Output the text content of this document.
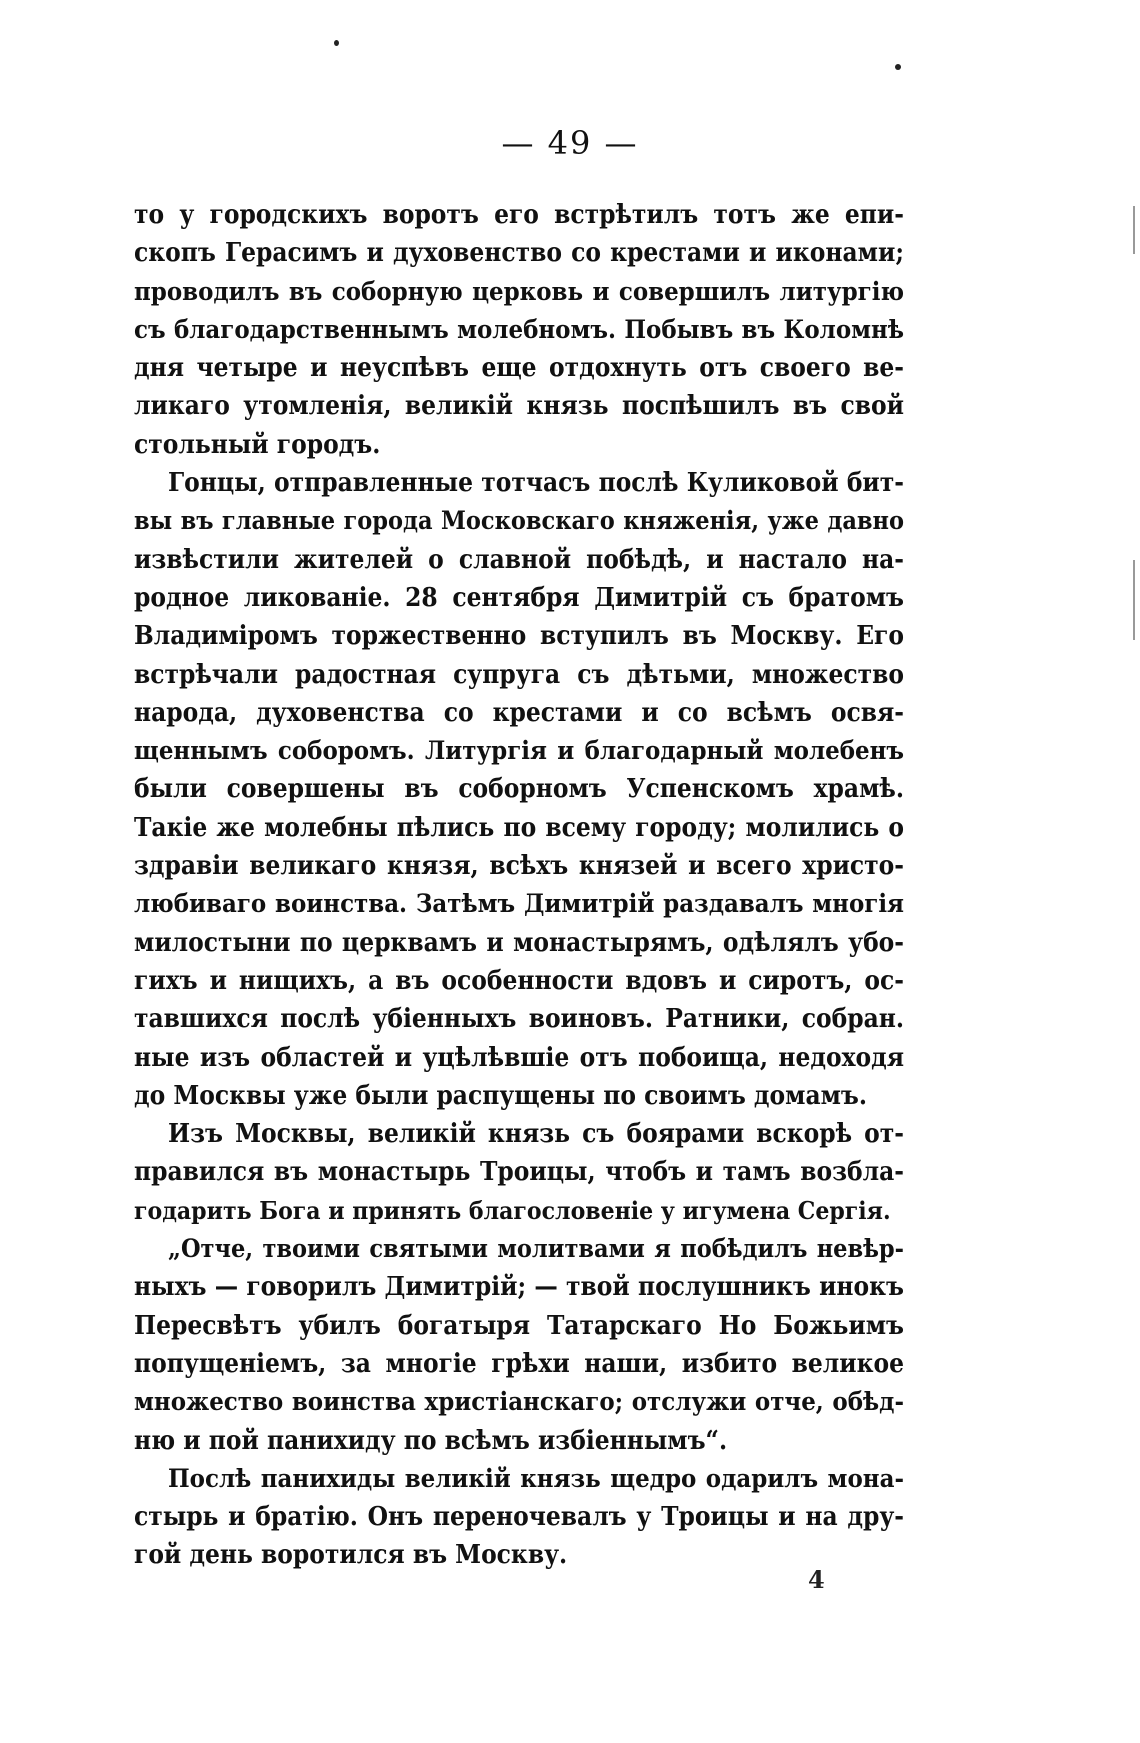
— 49 —
то у городскихъ воротъ его встрѣтилъ тотъ же епи-
скопъ Герасимъ и духовенство со крестами и иконами;
проводилъ въ соборную церковь и совершилъ литургію
съ благодарственнымъ молебномъ. Побывъ въ Коломнѣ
дня четыре и неуспѣвъ еще отдохнуть отъ своего ве-
ликаго утомленія, великій князь поспѣшилъ въ свой
стольный городъ.
Гонцы, отправленные тотчасъ послѣ Куликовой бит-
вы въ главные города Московскаго княженія, уже давно
извѣстили жителей о славной побѣдѣ, и настало на-
родное ликованіе. 28 сентября Димитрій съ братомъ
Владиміромъ торжественно вступилъ въ Москву. Его
встрѣчали радостная супруга съ дѣтьми, множество
народа, духовенства со крестами и со всѣмъ освя-
щеннымъ соборомъ. Литургія и благодарный молебенъ
были совершены въ соборномъ Успенскомъ храмѣ.
Такіе же молебны пѣлись по всему городу; молились о
здравіи великаго князя, всѣхъ князей и всего христо-
любиваго воинства. Затѣмъ Димитрій раздавалъ многія
милостыни по церквамъ и монастырямъ, одѣлялъ убо-
гихъ и нищихъ, а въ особенности вдовъ и сиротъ, ос-
тавшихся послѣ убіенныхъ воиновъ. Ратники, собран.
ные изъ областей и уцѣлѣвшіе отъ побоища, недоходя
до Москвы уже были распущены по своимъ домамъ.
Изъ Москвы, великій князь съ боярами вскорѣ от-
правился въ монастырь Троицы, чтобъ и тамъ возбла-
годарить Бога и принять благословеніе у игумена Сергія.
„Отче, твоими святыми молитвами я побѣдилъ невѣр-
ныхъ — говорилъ Димитрій; — твой послушникъ инокъ
Пересвѣтъ убилъ богатыря Татарскаго Но Божьимъ
попущеніемъ, за многіе грѣхи наши, избито великое
множество воинства христіанскаго; отслужи отче, обѣд-
ню и пой панихиду по всѣмъ избіеннымъ“.
Послѣ панихиды великій князь щедро одарилъ мона-
стырь и братію. Онъ переночевалъ у Троицы и на дру-
гой день воротился въ Москву.
4
